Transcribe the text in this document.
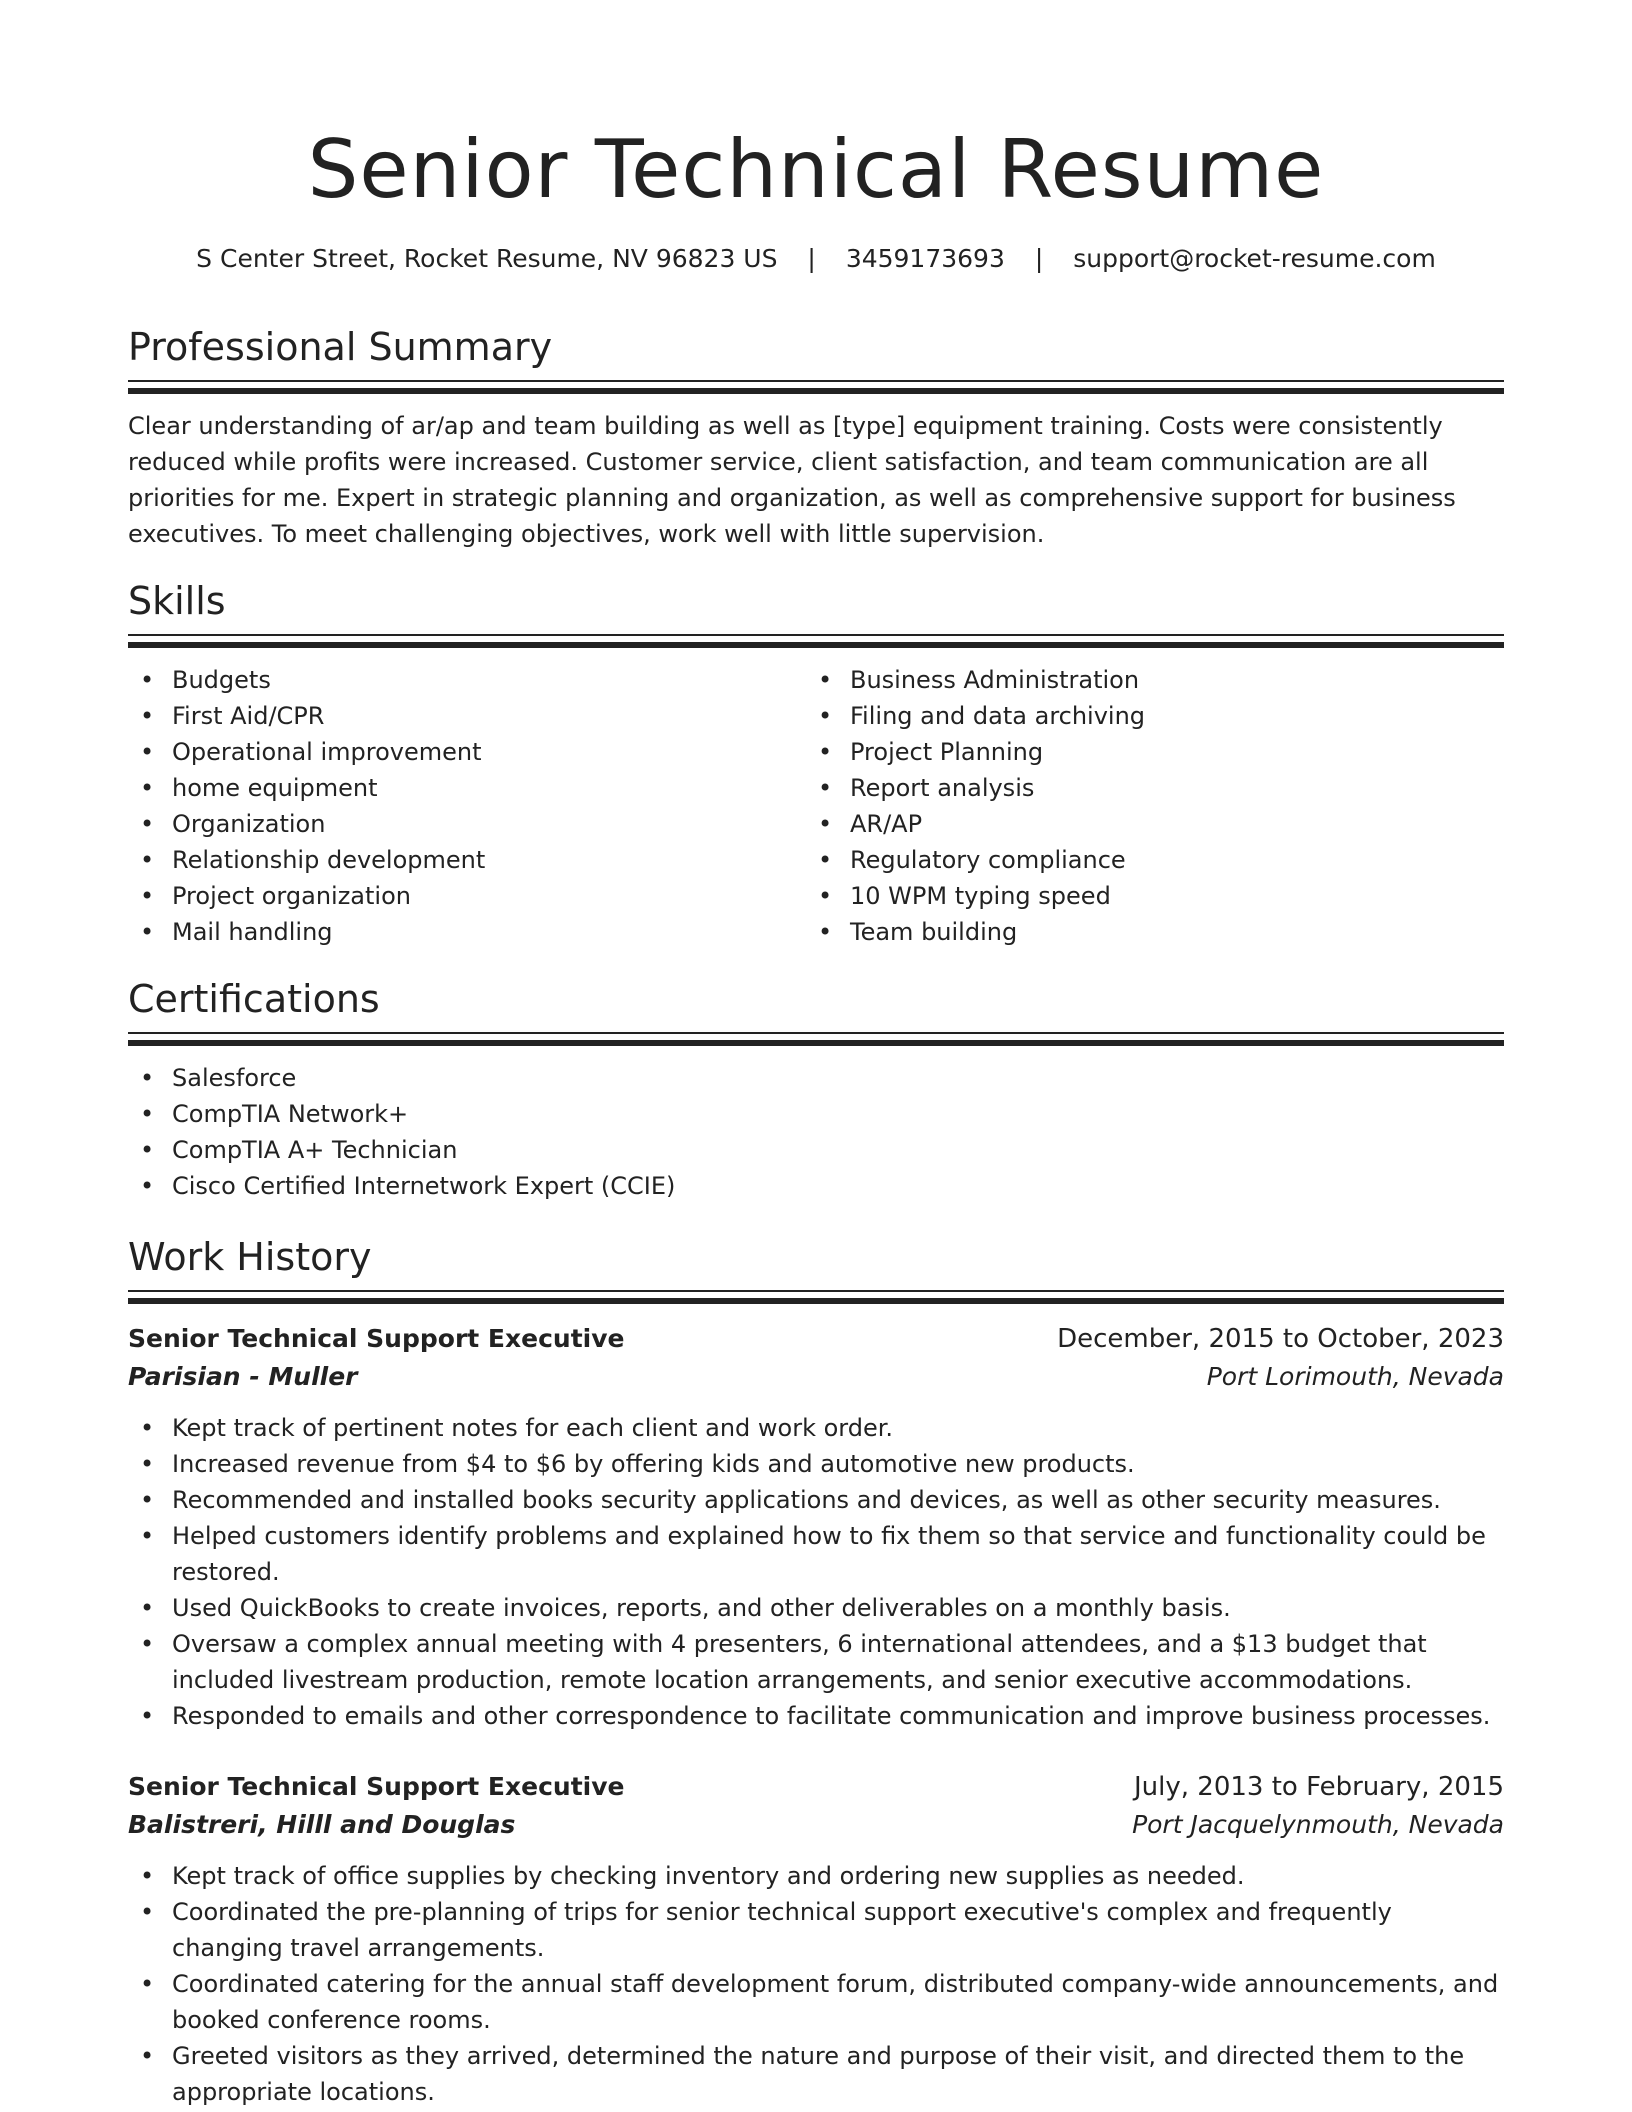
Senior Technical Resume
S Center Street, Rocket Resume, NV 96823 US | 3459173693 | support@rocket-resume.com
Professional Summary

Clear understanding of ar/ap and team building as well as [type] equipment training. Costs were consistently reduced while profits were increased. Customer service, client satisfaction, and team communication are all priorities for me. Expert in strategic planning and organization, as well as comprehensive support for business executives. To meet challenging objectives, work well with little supervision.

Skills
• Budgets
• First Aid/CPR
• Operational improvement
• home equipment
• Organization
• Relationship development
• Project organization
• Mail handling
• Business Administration
• Filing and data archiving
• Project Planning
• Report analysis
• AR/AP
• Regulatory compliance
• 10 WPM typing speed
• Team building
Certifications
• Salesforce
• CompTIA Network+
• CompTIA A+ Technician
• Cisco Certified Internetwork Expert (CCIE)
Work History
Senior Technical Support Executive	December, 2015 to October, 2023
Parisian - Muller	Port Lorimouth, Nevada
• Kept track of pertinent notes for each client and work order.
• Increased revenue from $4 to $6 by offering kids and automotive new products.
• Recommended and installed books security applications and devices, as well as other security measures.
• Helped customers identify problems and explained how to fix them so that service and functionality could be restored.
• Used QuickBooks to create invoices, reports, and other deliverables on a monthly basis.
• Oversaw a complex annual meeting with 4 presenters, 6 international attendees, and a $13 budget that included livestream production, remote location arrangements, and senior executive accommodations.
• Responded to emails and other correspondence to facilitate communication and improve business processes.
Senior Technical Support Executive	July, 2013 to February, 2015
Balistreri, Hilll and Douglas	Port Jacquelynmouth, Nevada
• Kept track of office supplies by checking inventory and ordering new supplies as needed.
• Coordinated the pre-planning of trips for senior technical support executive's complex and frequently changing travel arrangements.
• Coordinated catering for the annual staff development forum, distributed company-wide announcements, and booked conference rooms.
• Greeted visitors as they arrived, determined the nature and purpose of their visit, and directed them to the appropriate locations.
